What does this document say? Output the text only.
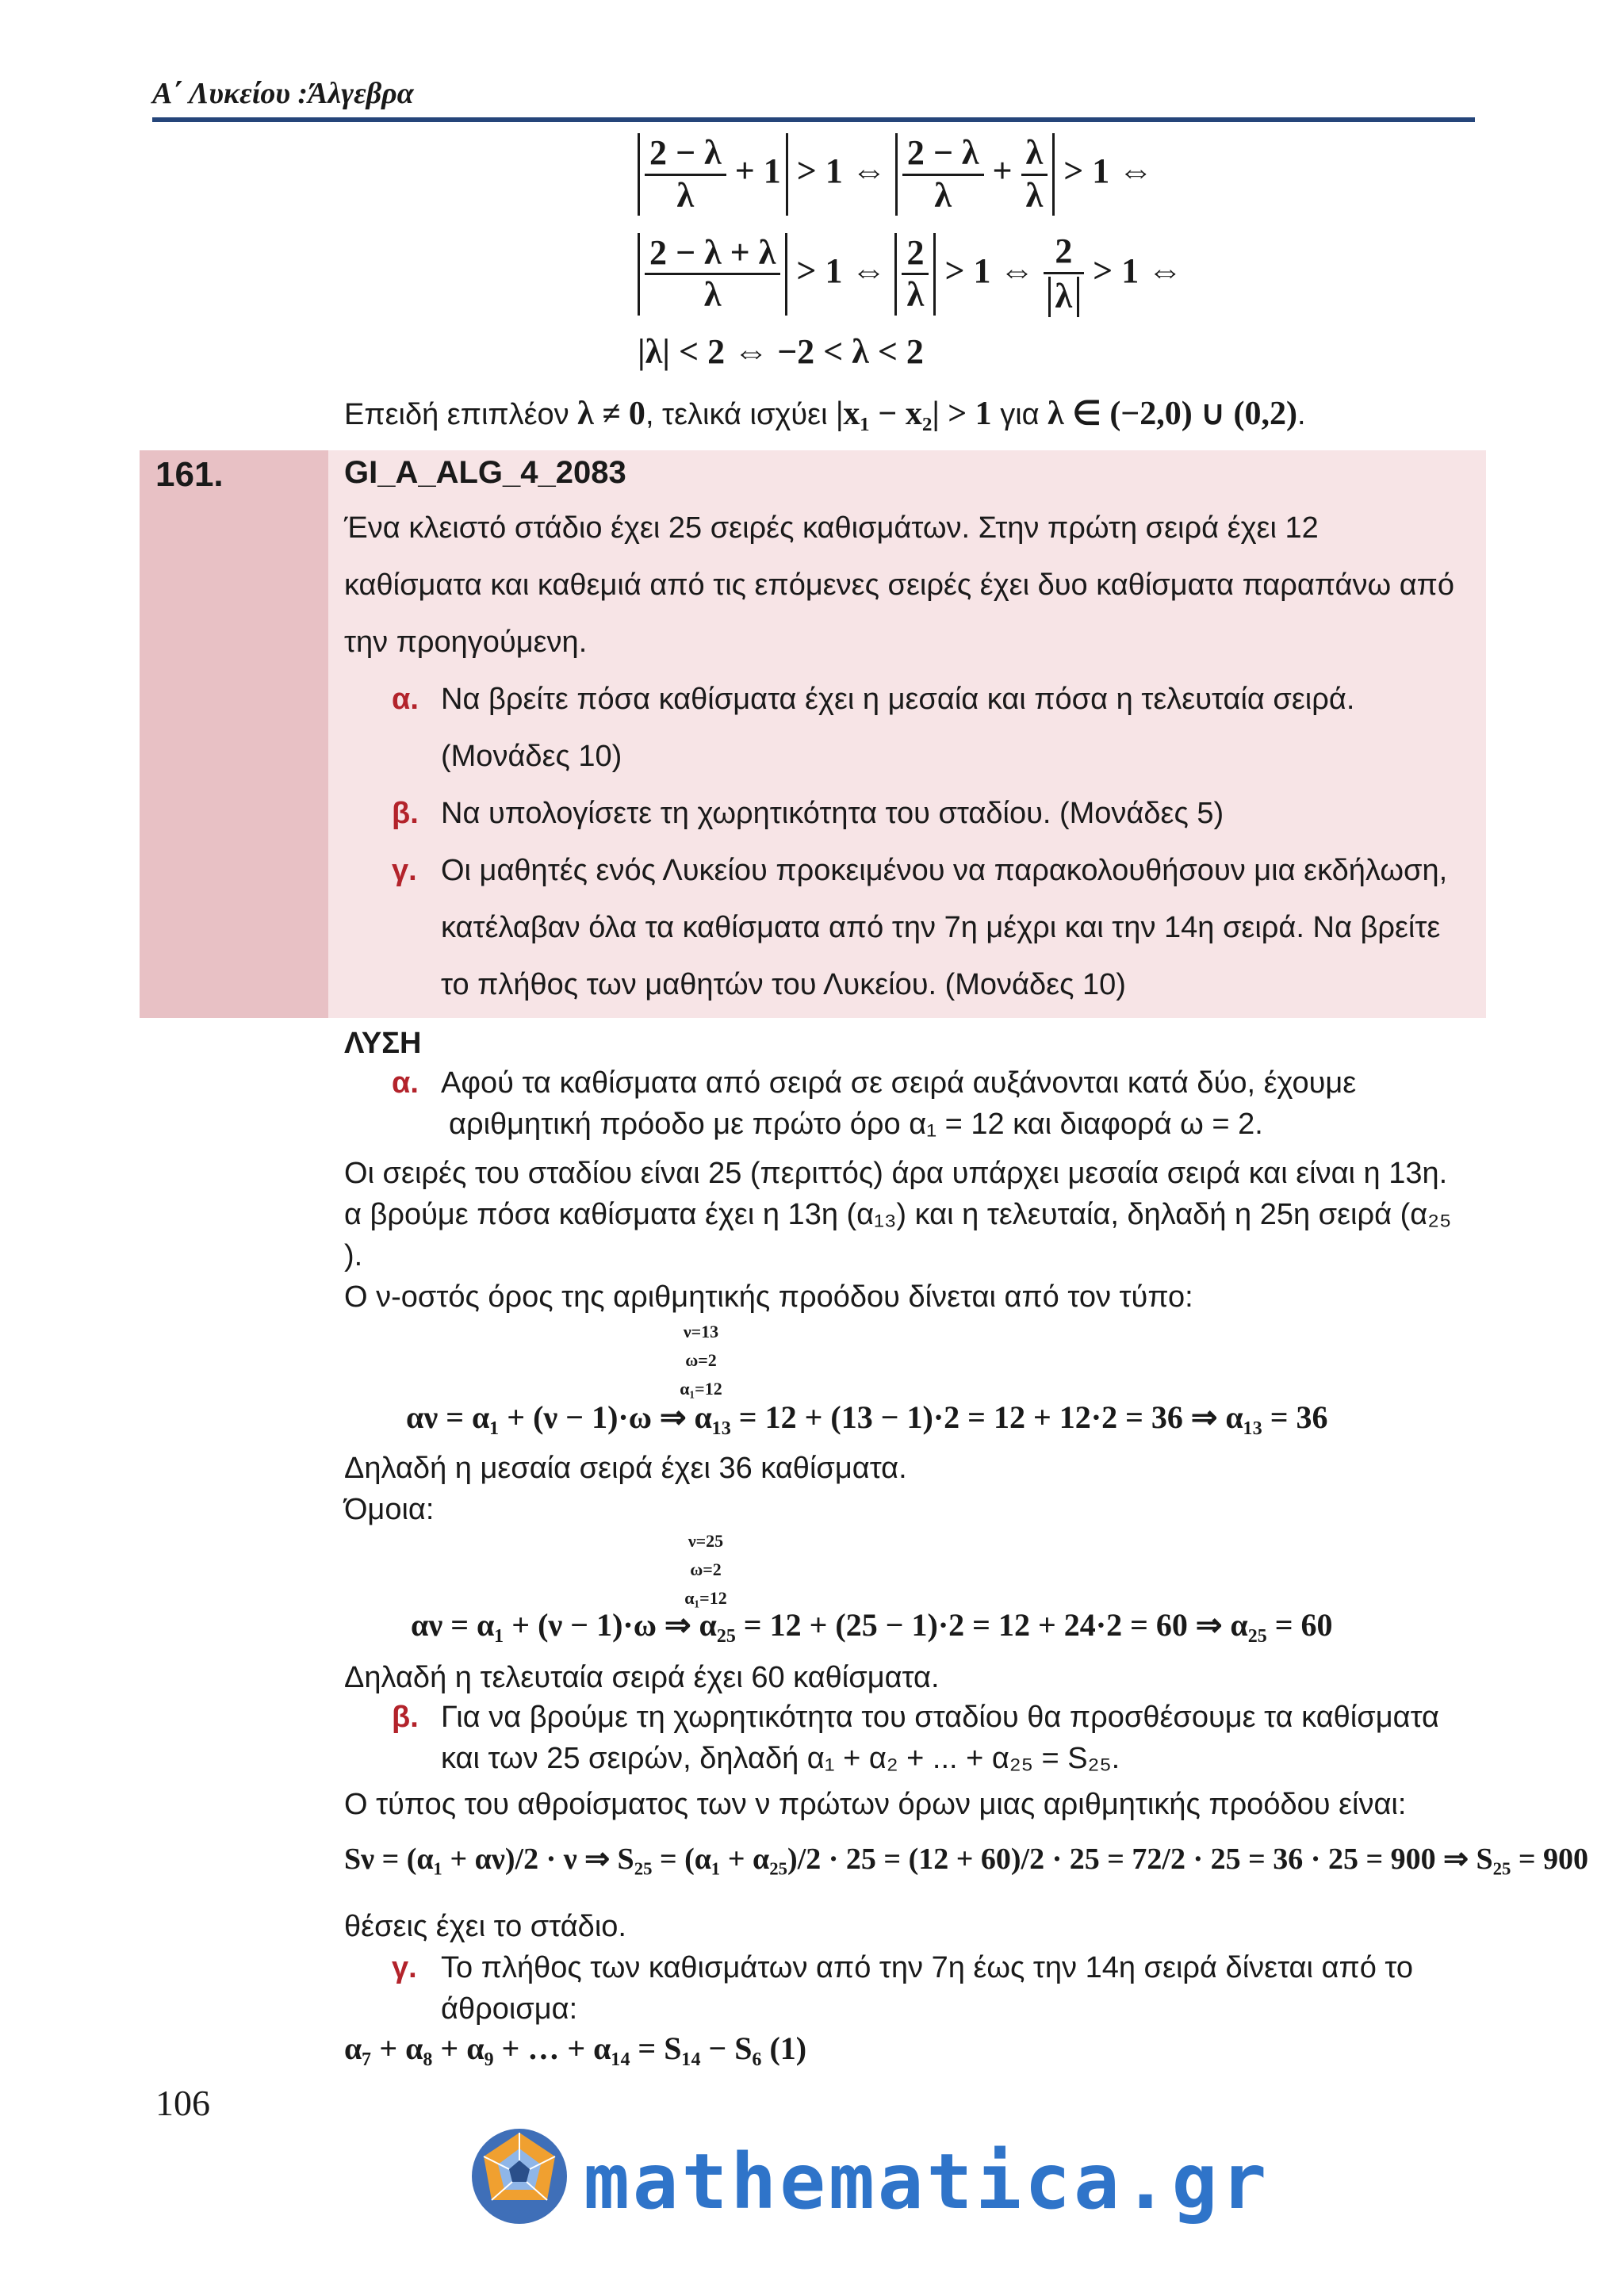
Α΄ Λυκείου :Άλγεβρα
$\frac{2 - \lambda}{\lambda} + 1 > 1$ ⇔ $\frac{2 - \lambda}{\lambda} + \frac{\lambda}{\lambda} > 1$ ⇔
$\frac{2 - \lambda + \lambda}{\lambda} > 1$ ⇔ $\frac{2}{\lambda} > 1$ ⇔ $\frac{2}{\lambda} > 1$ ⇔
|λ| < 2 ⇔ −2 < λ < 2
Επειδή επιπλέον λ ≠ 0, τελικά ισχύει |x₁ − x₂| > 1 για λ ∈ (−2,0) ∪ (0,2).
161.	GI_A_ALG_4_2083
Ένα κλειστό στάδιο έχει 25 σειρές καθισμάτων. Στην πρώτη σειρά έχει 12
καθίσματα και καθεμιά από τις επόμενες σειρές έχει δυο καθίσματα παραπάνω από
την προηγούμενη.
α. Να βρείτε πόσα καθίσματα έχει η μεσαία και πόσα η τελευταία σειρά.
(Μονάδες 10)
β. Να υπολογίσετε τη χωρητικότητα του σταδίου. (Μονάδες 5)
γ. Οι μαθητές ενός Λυκείου προκειμένου να παρακολουθήσουν μια εκδήλωση,
κατέλαβαν όλα τα καθίσματα από την 7η μέχρι και την 14η σειρά. Να βρείτε
το πλήθος των μαθητών του Λυκείου. (Μονάδες 10)
ΛΥΣΗ
α. Αφού τα καθίσματα από σειρά σε σειρά αυξάνονται κατά δύο, έχουμε
αριθμητική πρόοδο με πρώτο όρο α₁ = 12 και διαφορά ω = 2.
Οι σειρές του σταδίου είναι 25 (περιττός) άρα υπάρχει μεσαία σειρά και είναι η 13η.
α βρούμε πόσα καθίσματα έχει η 13η (α₁₃) και η τελευταία, δηλαδή η 25η σειρά (α₂₅
).
Ο ν-οστός όρος της αριθμητικής προόδου δίνεται από τον τύπο:
ν=13
ω=2
α₁=12
αν = α₁ + (ν − 1)·ω ⇒ α₁₃ = 12 + (13 − 1)·2 = 12 + 12·2 = 36 ⇒ α₁₃ = 36
Δηλαδή η μεσαία σειρά έχει 36 καθίσματα.
Όμοια:
ν=25
ω=2
α₁=12
αν = α₁ + (ν − 1)·ω ⇒ α₂₅ = 12 + (25 − 1)·2 = 12 + 24·2 = 60 ⇒ α₂₅ = 60
Δηλαδή η τελευταία σειρά έχει 60 καθίσματα.
β. Για να βρούμε τη χωρητικότητα του σταδίου θα προσθέσουμε τα καθίσματα
και των 25 σειρών, δηλαδή α₁ + α₂ + ... + α₂₅ = S₂₅.
Ο τύπος του αθροίσματος των ν πρώτων όρων μιας αριθμητικής προόδου είναι:
Sν = (α₁ + αν)/2 · ν ⇒ S₂₅ = (α₁ + α₂₅)/2 · 25 = (12 + 60)/2 · 25 = 72/2 · 25 = 36 · 25 = 900 ⇒ S₂₅ = 900
θέσεις έχει το στάδιο.
γ. Το πλήθος των καθισμάτων από την 7η έως την 14η σειρά δίνεται από το
άθροισμα:
α₇ + α₈ + α₉ + … + α₁₄ = S₁₄ − S₆ (1)
106
mathematica.gr
